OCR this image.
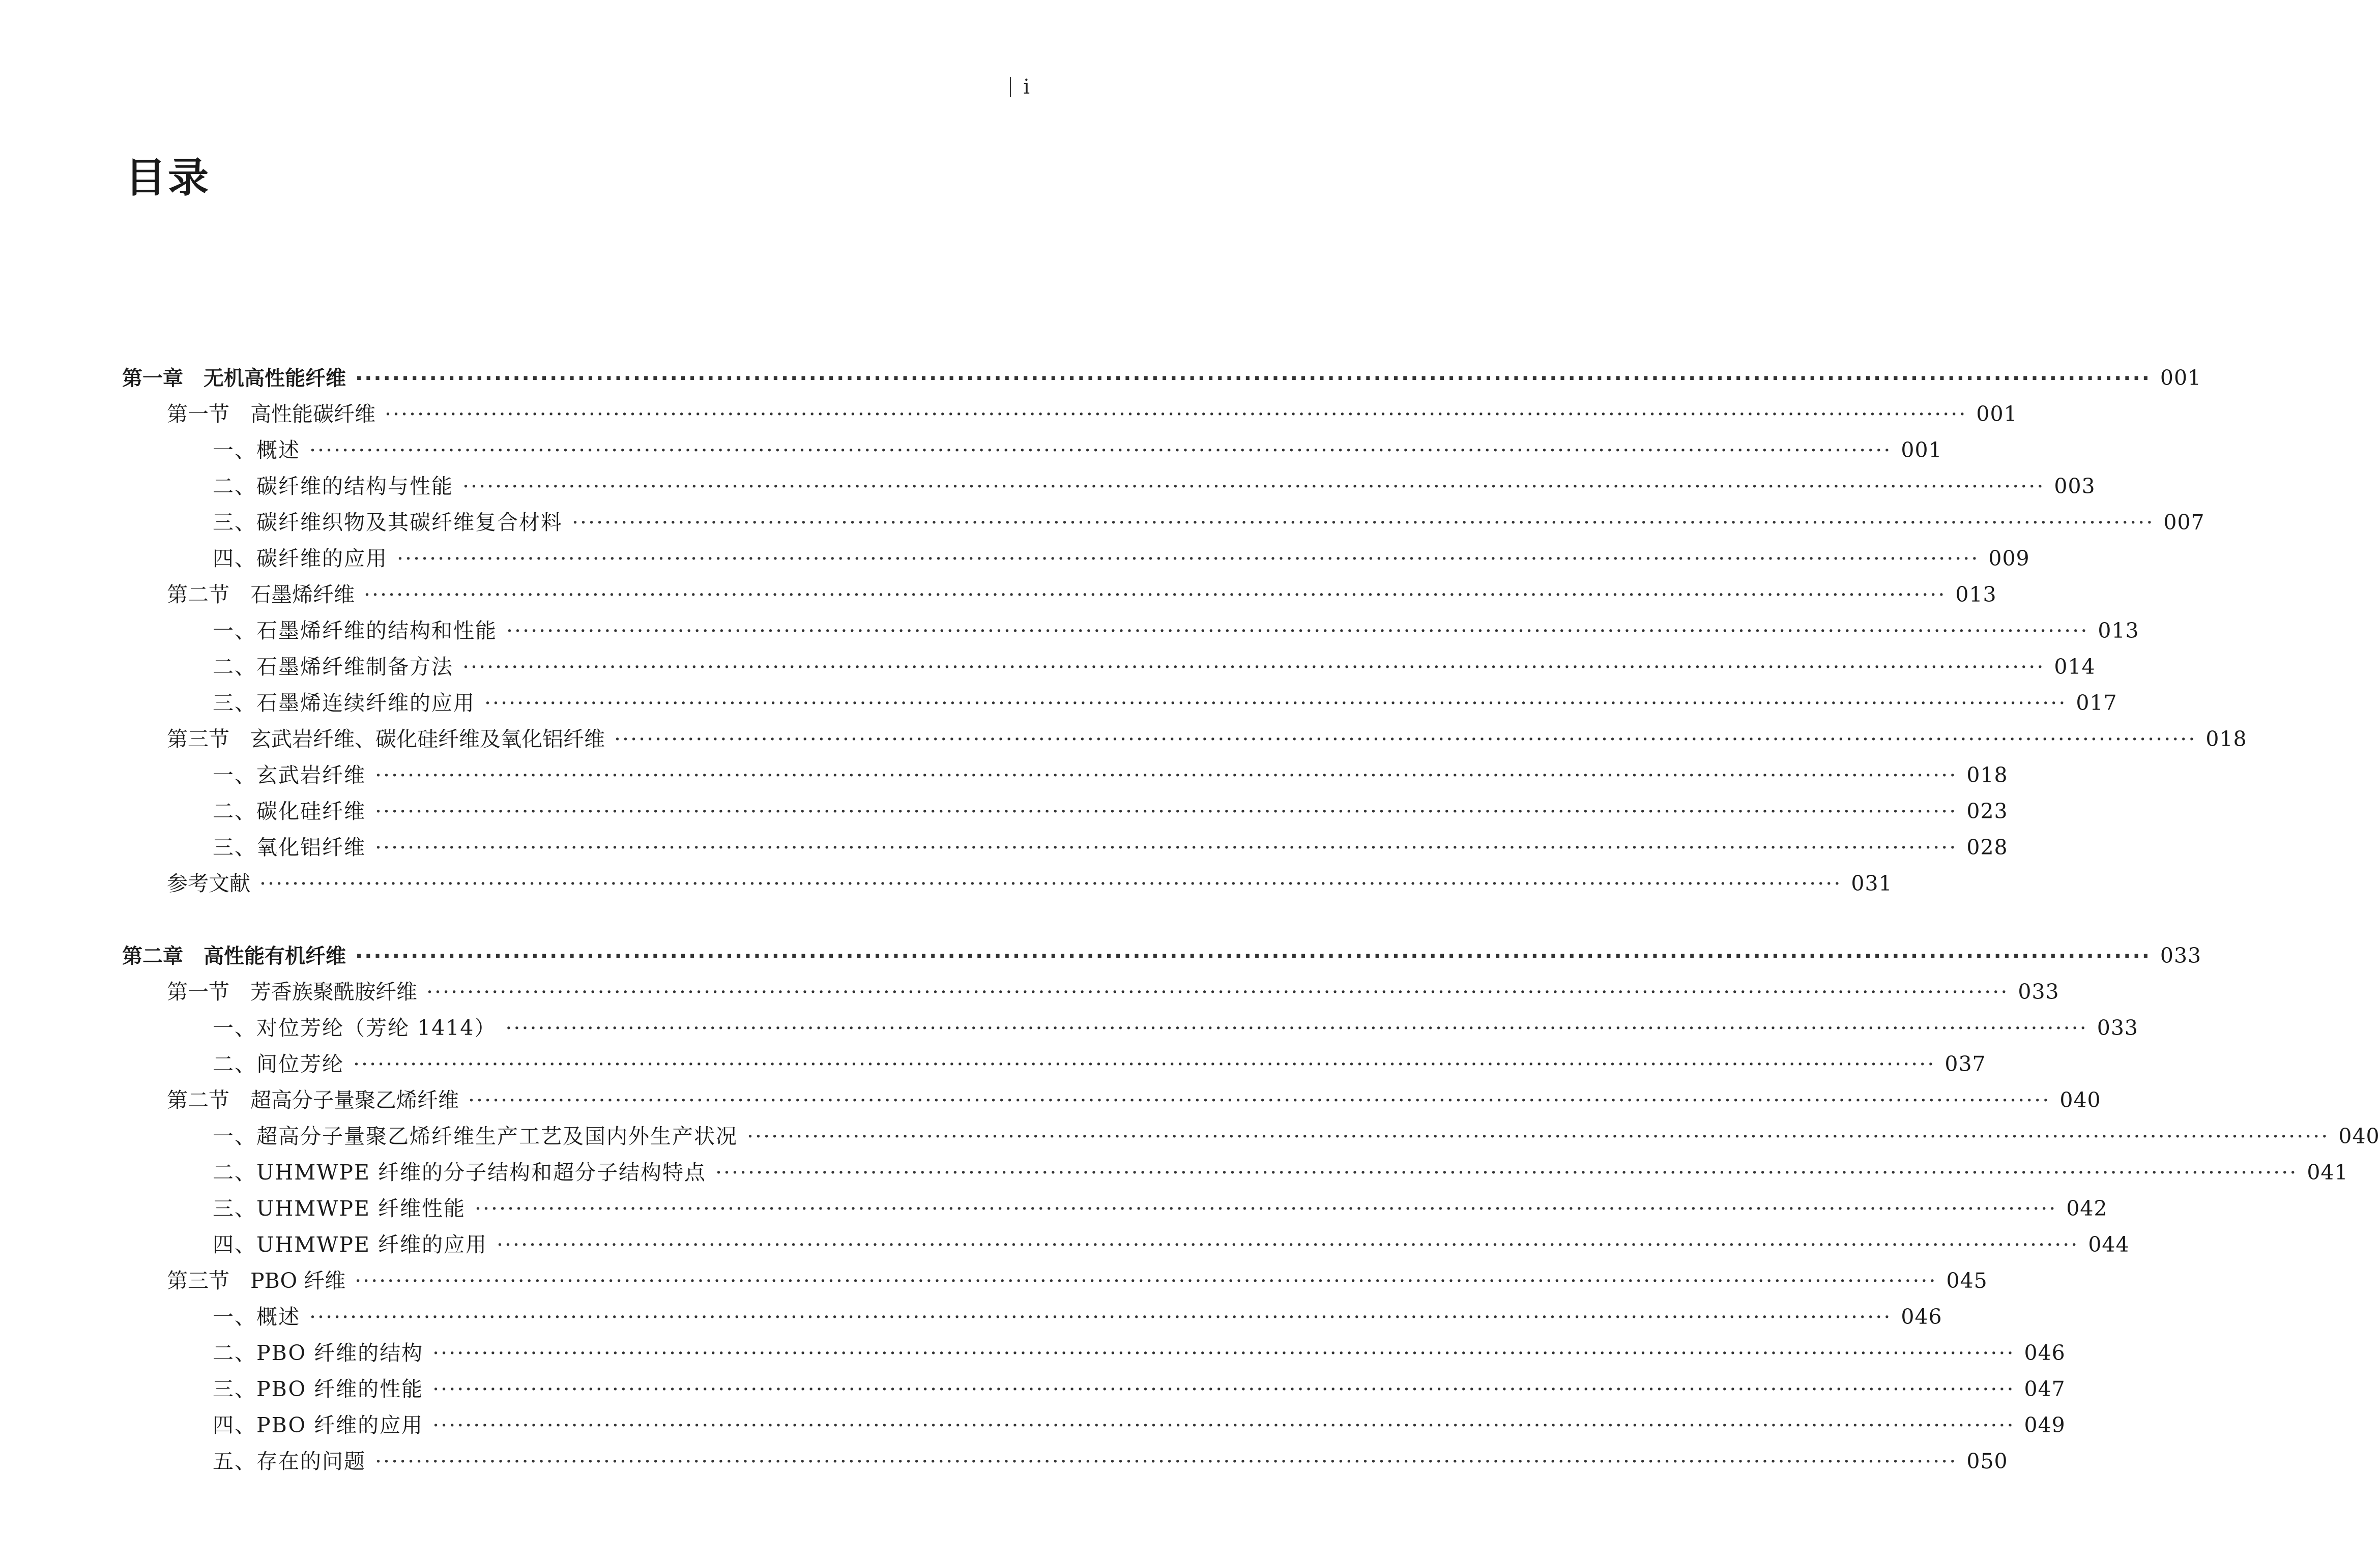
i
目录
第一章　无机高性能纤维 ·································································································································································································· 001
第一节　高性能碳纤维 ·································································································································································································· 001
一、概述 ·································································································································································································· 001
二、碳纤维的结构与性能 ·································································································································································································· 003
三、碳纤维织物及其碳纤维复合材料 ·································································································································································································· 007
四、碳纤维的应用 ·································································································································································································· 009
第二节　石墨烯纤维 ·································································································································································································· 013
一、石墨烯纤维的结构和性能 ·································································································································································································· 013
二、石墨烯纤维制备方法 ·································································································································································································· 014
三、石墨烯连续纤维的应用 ·································································································································································································· 017
第三节　玄武岩纤维、碳化硅纤维及氧化铝纤维 ·································································································································································································· 018
一、玄武岩纤维 ·································································································································································································· 018
二、碳化硅纤维 ·································································································································································································· 023
三、氧化铝纤维 ·································································································································································································· 028
参考文献 ·································································································································································································· 031
第二章　高性能有机纤维 ·································································································································································································· 033
第一节　芳香族聚酰胺纤维 ·································································································································································································· 033
一、对位芳纶（芳纶 1414） ·································································································································································································· 033
二、间位芳纶 ·································································································································································································· 037
第二节　超高分子量聚乙烯纤维 ·································································································································································································· 040
一、超高分子量聚乙烯纤维生产工艺及国内外生产状况 ·································································································································································································· 040
二、UHMWPE 纤维的分子结构和超分子结构特点 ·································································································································································································· 041
三、UHMWPE 纤维性能 ·································································································································································································· 042
四、UHMWPE 纤维的应用 ·································································································································································································· 044
第三节　PBO 纤维 ·································································································································································································· 045
一、概述 ·································································································································································································· 046
二、PBO 纤维的结构 ·································································································································································································· 046
三、PBO 纤维的性能 ·································································································································································································· 047
四、PBO 纤维的应用 ·································································································································································································· 049
五、存在的问题 ·································································································································································································· 050
